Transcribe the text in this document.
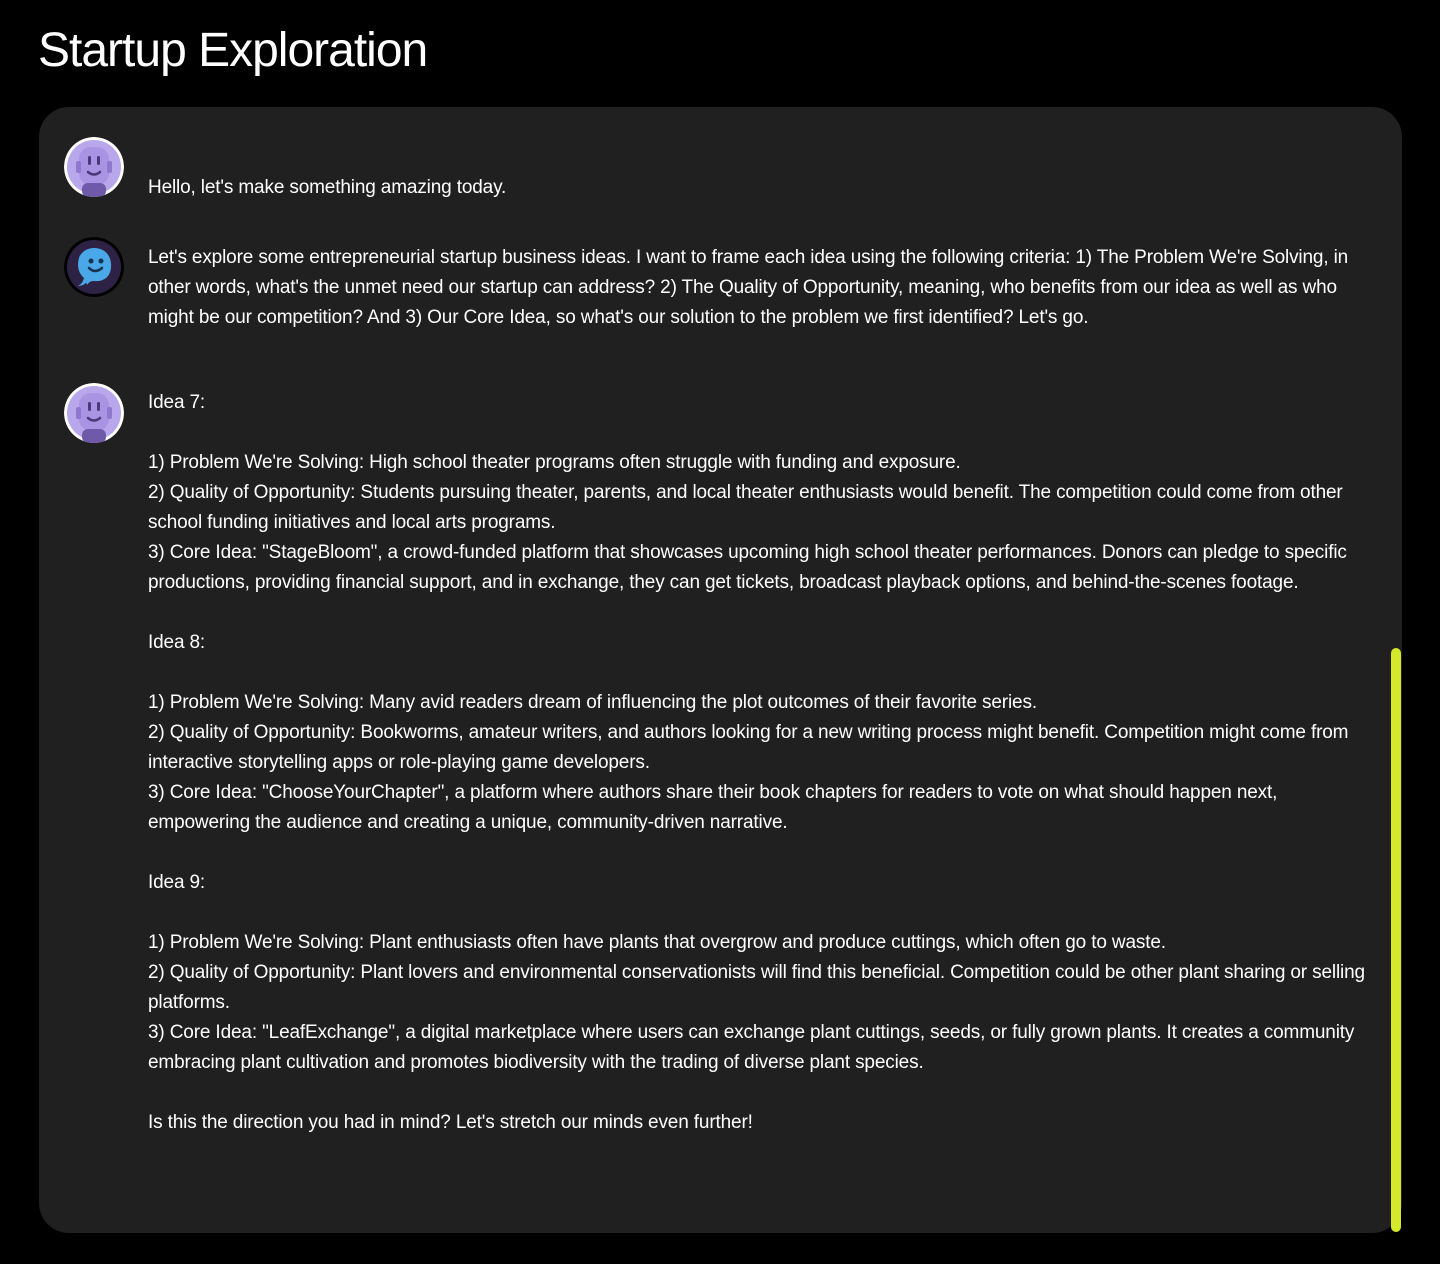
Startup Exploration
Hello, let's make something amazing today.
Let's explore some entrepreneurial startup business ideas. I want to frame each idea using the following criteria: 1) The Problem We're Solving, in other words, what's the unmet need our startup can address? 2) The Quality of Opportunity, meaning, who benefits from our idea as well as who might be our competition? And 3) Our Core Idea, so what's our solution to the problem we first identified? Let's go.
Idea 7:

1) Problem We're Solving: High school theater programs often struggle with funding and exposure.
2) Quality of Opportunity: Students pursuing theater, parents, and local theater enthusiasts would benefit. The competition could come from other school funding initiatives and local arts programs.
3) Core Idea: "StageBloom", a crowd-funded platform that showcases upcoming high school theater performances. Donors can pledge to specific productions, providing financial support, and in exchange, they can get tickets, broadcast playback options, and behind-the-scenes footage.

Idea 8:

1) Problem We're Solving: Many avid readers dream of influencing the plot outcomes of their favorite series.
2) Quality of Opportunity: Bookworms, amateur writers, and authors looking for a new writing process might benefit. Competition might come from interactive storytelling apps or role-playing game developers.
3) Core Idea: "ChooseYourChapter", a platform where authors share their book chapters for readers to vote on what should happen next, empowering the audience and creating a unique, community-driven narrative.

Idea 9:

1) Problem We're Solving: Plant enthusiasts often have plants that overgrow and produce cuttings, which often go to waste.
2) Quality of Opportunity: Plant lovers and environmental conservationists will find this beneficial. Competition could be other plant sharing or selling platforms.
3) Core Idea: "LeafExchange", a digital marketplace where users can exchange plant cuttings, seeds, or fully grown plants. It creates a community embracing plant cultivation and promotes biodiversity with the trading of diverse plant species.

Is this the direction you had in mind? Let's stretch our minds even further!
